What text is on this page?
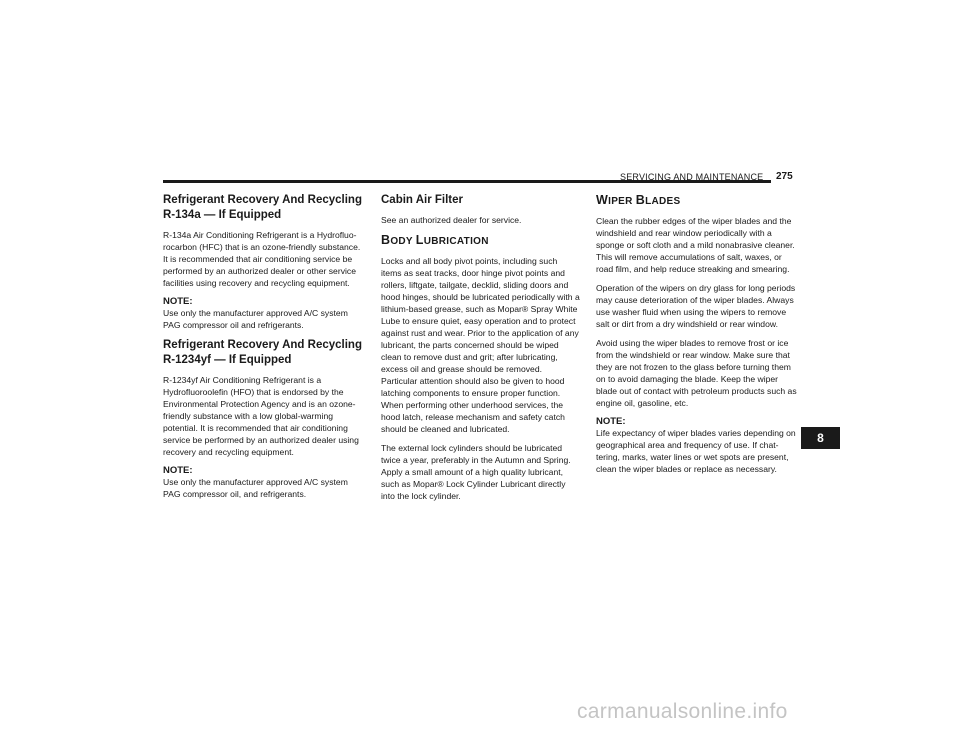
SERVICING AND MAINTENANCE 275
Refrigerant Recovery And Recycling
R-134a — If Equipped

R-134a Air Conditioning Refrigerant is a Hydrofluo-rocarbon (HFC) that is an ozone-friendly substance. It is recommended that air conditioning service be performed by an authorized dealer or other service facilities using recovery and recycling equipment.

NOTE:

Use only the manufacturer approved A/C system PAG compressor oil and refrigerants.

Refrigerant Recovery And Recycling
R-1234yf — If Equipped

R-1234yf Air Conditioning Refrigerant is a Hydrofluoroolefin (HFO) that is endorsed by the Environmental Protection Agency and is an ozone-friendly substance with a low global-warming potential. It is recommended that air conditioning service be performed by an authorized dealer using recovery and recycling equipment.

NOTE:

Use only the manufacturer approved A/C system PAG compressor oil, and refrigerants.

Cabin Air Filter

See an authorized dealer for service.

BODY LUBRICATION

Locks and all body pivot points, including such items as seat tracks, door hinge pivot points and rollers, liftgate, tailgate, decklid, sliding doors and hood hinges, should be lubricated periodically with a lithium-based grease, such as Mopar® Spray White Lube to ensure quiet, easy operation and to protect against rust and wear. Prior to the application of any lubricant, the parts concerned should be wiped clean to remove dust and grit; after lubricating, excess oil and grease should be removed. Particular attention should also be given to hood latching components to ensure proper function. When performing other underhood services, the hood latch, release mechanism and safety catch should be cleaned and lubricated.

The external lock cylinders should be lubricated twice a year, preferably in the Autumn and Spring. Apply a small amount of a high quality lubricant, such as Mopar® Lock Cylinder Lubricant directly into the lock cylinder.

WIPER BLADES

Clean the rubber edges of the wiper blades and the windshield and rear window periodically with a sponge or soft cloth and a mild nonabrasive cleaner. This will remove accumulations of salt, waxes, or road film, and help reduce streaking and smearing.

Operation of the wipers on dry glass for long periods may cause deterioration of the wiper blades. Always use washer fluid when using the wipers to remove salt or dirt from a dry windshield or rear window.

Avoid using the wiper blades to remove frost or ice from the windshield or rear window. Make sure that they are not frozen to the glass before turning them on to avoid damaging the blade. Keep the wiper blade out of contact with petroleum products such as engine oil, gasoline, etc.

NOTE:

Life expectancy of wiper blades varies depending on geographical area and frequency of use. If chat-tering, marks, water lines or wet spots are present, clean the wiper blades or replace as necessary.

8
carmanualsonline.info
